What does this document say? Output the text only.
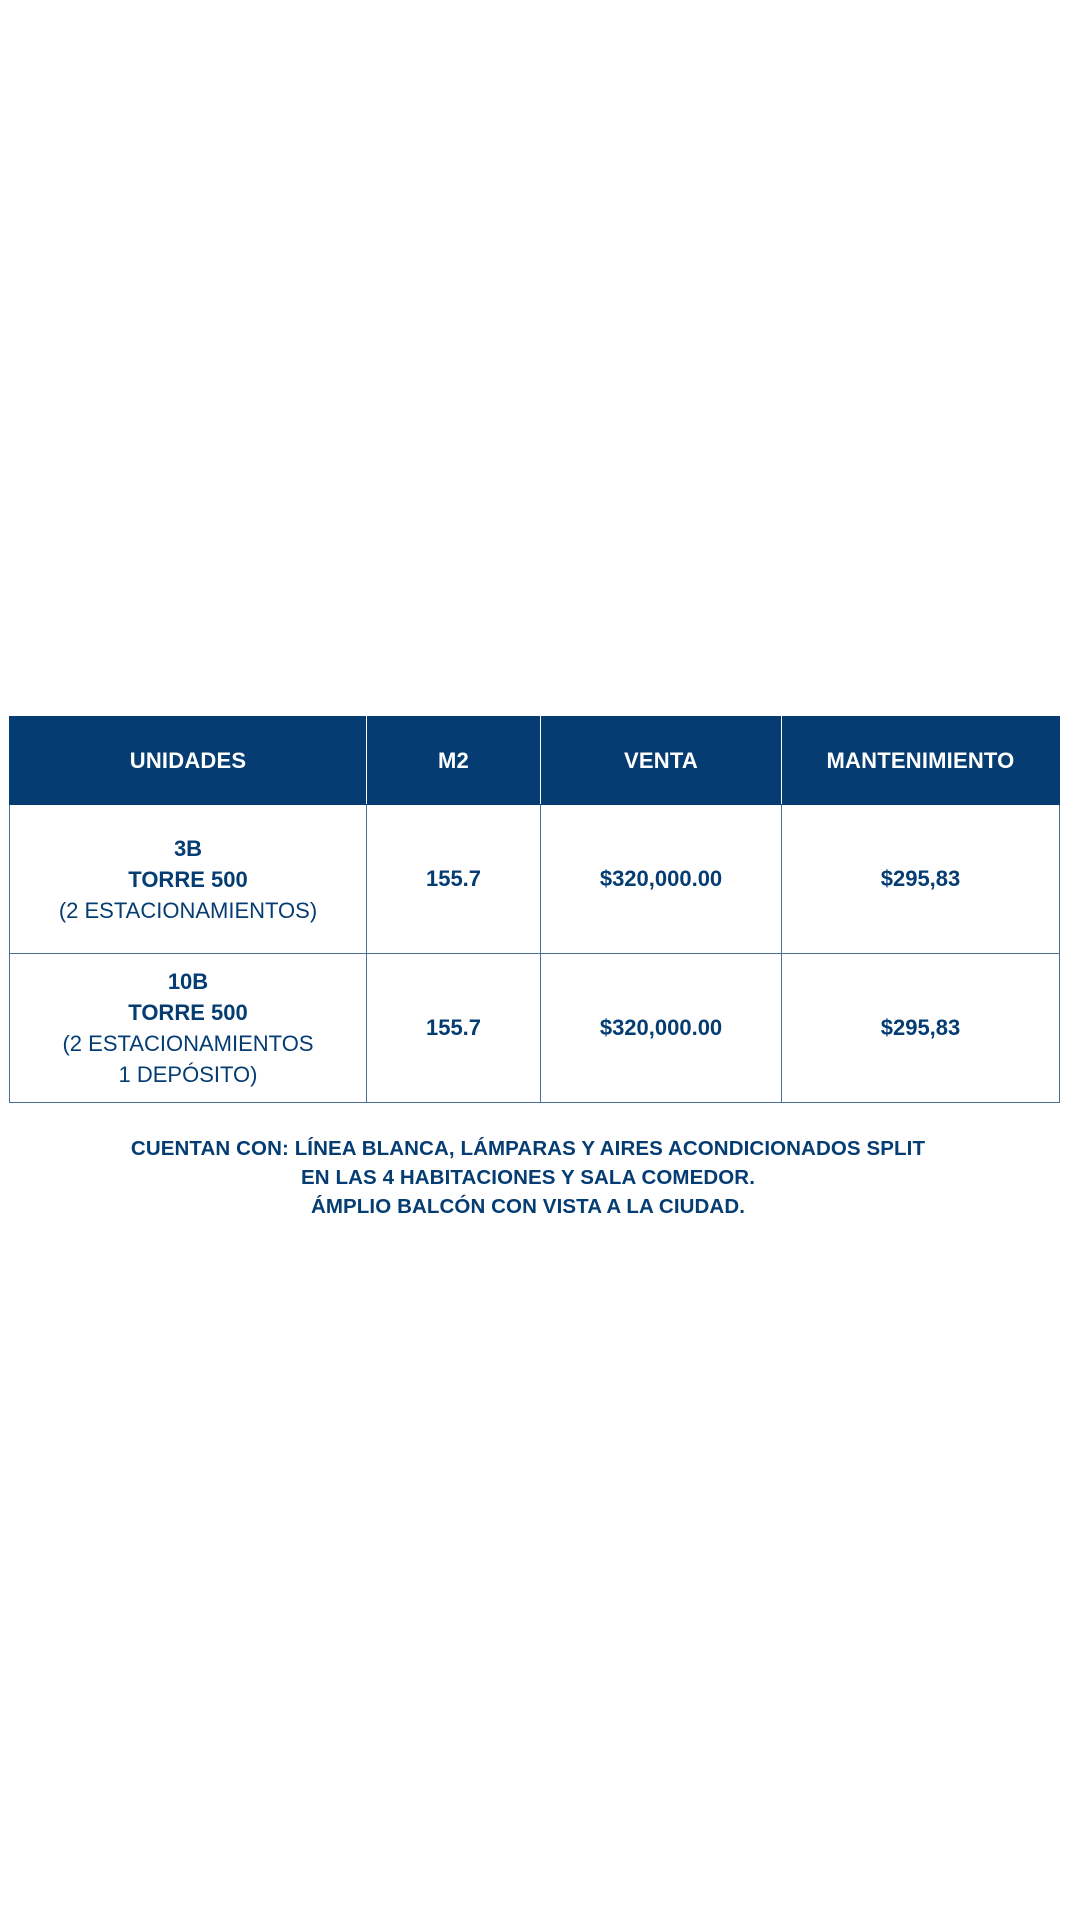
UNIDADES	M2	VENTA	MANTENIMIENTO

3B
TORRE 500
(2 ESTACIONAMIENTOS)	155.7	$320,000.00	$295,83

10B
TORRE 500
(2 ESTACIONAMIENTOS
1 DEPÓSITO)	155.7	$320,000.00	$295,83
CUENTAN CON: LÍNEA BLANCA, LÁMPARAS Y AIRES ACONDICIONADOS SPLIT
EN LAS 4 HABITACIONES Y SALA COMEDOR.
ÁMPLIO BALCÓN CON VISTA A LA CIUDAD.
